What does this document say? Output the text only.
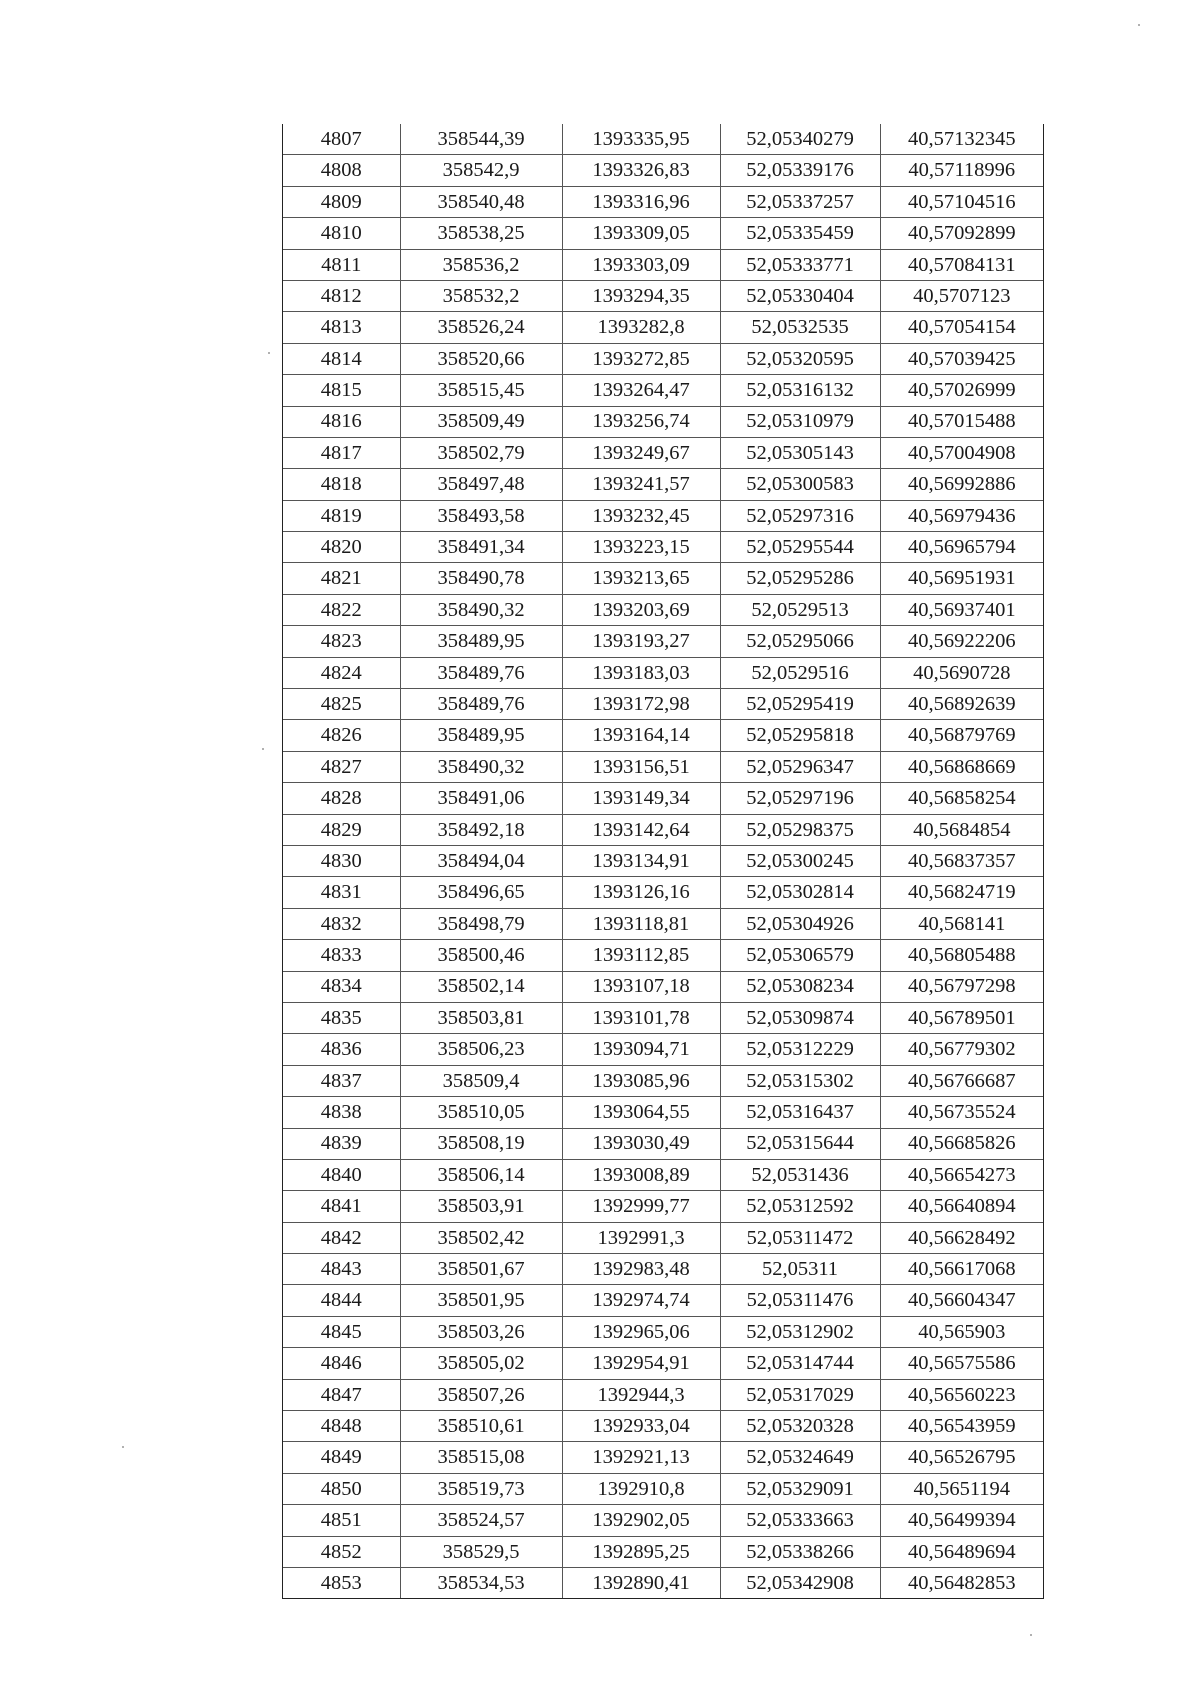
4807	358544,39	1393335,95	52,05340279	40,57132345
4808	358542,9	1393326,83	52,05339176	40,57118996
4809	358540,48	1393316,96	52,05337257	40,57104516
4810	358538,25	1393309,05	52,05335459	40,57092899
4811	358536,2	1393303,09	52,05333771	40,57084131
4812	358532,2	1393294,35	52,05330404	40,5707123
4813	358526,24	1393282,8	52,0532535	40,57054154
4814	358520,66	1393272,85	52,05320595	40,57039425
4815	358515,45	1393264,47	52,05316132	40,57026999
4816	358509,49	1393256,74	52,05310979	40,57015488
4817	358502,79	1393249,67	52,05305143	40,57004908
4818	358497,48	1393241,57	52,05300583	40,56992886
4819	358493,58	1393232,45	52,05297316	40,56979436
4820	358491,34	1393223,15	52,05295544	40,56965794
4821	358490,78	1393213,65	52,05295286	40,56951931
4822	358490,32	1393203,69	52,0529513	40,56937401
4823	358489,95	1393193,27	52,05295066	40,56922206
4824	358489,76	1393183,03	52,0529516	40,5690728
4825	358489,76	1393172,98	52,05295419	40,56892639
4826	358489,95	1393164,14	52,05295818	40,56879769
4827	358490,32	1393156,51	52,05296347	40,56868669
4828	358491,06	1393149,34	52,05297196	40,56858254
4829	358492,18	1393142,64	52,05298375	40,5684854
4830	358494,04	1393134,91	52,05300245	40,56837357
4831	358496,65	1393126,16	52,05302814	40,56824719
4832	358498,79	1393118,81	52,05304926	40,568141
4833	358500,46	1393112,85	52,05306579	40,56805488
4834	358502,14	1393107,18	52,05308234	40,56797298
4835	358503,81	1393101,78	52,05309874	40,56789501
4836	358506,23	1393094,71	52,05312229	40,56779302
4837	358509,4	1393085,96	52,05315302	40,56766687
4838	358510,05	1393064,55	52,05316437	40,56735524
4839	358508,19	1393030,49	52,05315644	40,56685826
4840	358506,14	1393008,89	52,0531436	40,56654273
4841	358503,91	1392999,77	52,05312592	40,56640894
4842	358502,42	1392991,3	52,05311472	40,56628492
4843	358501,67	1392983,48	52,05311	40,56617068
4844	358501,95	1392974,74	52,05311476	40,56604347
4845	358503,26	1392965,06	52,05312902	40,565903
4846	358505,02	1392954,91	52,05314744	40,56575586
4847	358507,26	1392944,3	52,05317029	40,56560223
4848	358510,61	1392933,04	52,05320328	40,56543959
4849	358515,08	1392921,13	52,05324649	40,56526795
4850	358519,73	1392910,8	52,05329091	40,5651194
4851	358524,57	1392902,05	52,05333663	40,56499394
4852	358529,5	1392895,25	52,05338266	40,56489694
4853	358534,53	1392890,41	52,05342908	40,56482853
